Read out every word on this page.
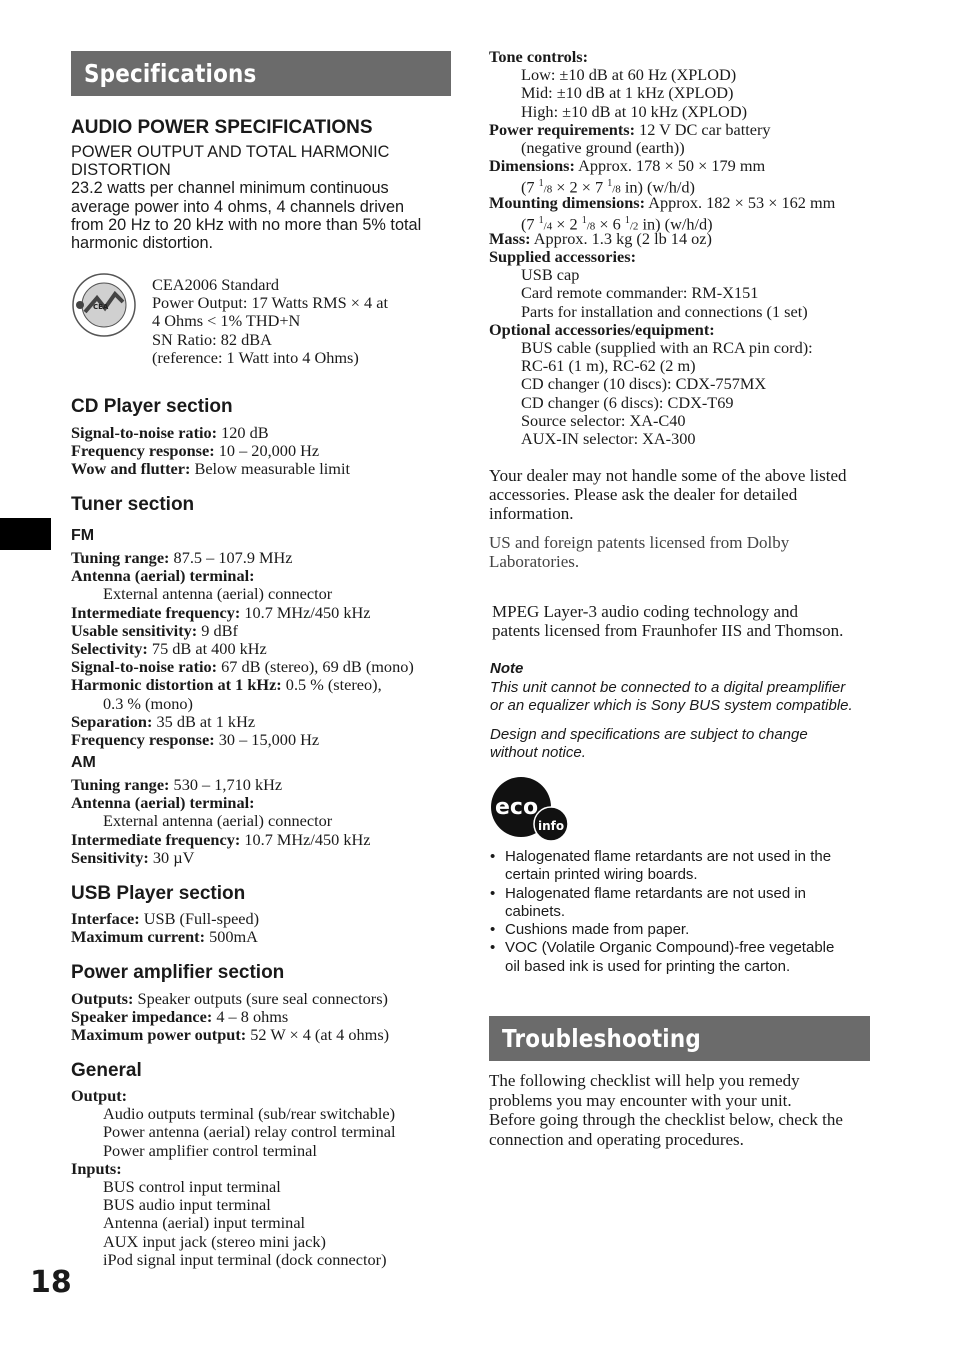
Specifications
AUDIO POWER SPECIFICATIONS
POWER OUTPUT AND TOTAL HARMONIC
DISTORTION
23.2 watts per channel minimum continuous
average power into 4 ohms, 4 channels driven
from 20 Hz to 20 kHz with no more than 5% total
harmonic distortion.
CEA
CEA2006 Standard
Power Output: 17 Watts RMS × 4 at
4 Ohms < 1% THD+N
SN Ratio: 82 dBA
(reference: 1 Watt into 4 Ohms)
CD Player section
Signal-to-noise ratio: 120 dB
Frequency response: 10 – 20,000 Hz
Wow and flutter: Below measurable limit
Tuner section
FM
Tuning range: 87.5 – 107.9 MHz
Antenna (aerial) terminal:
External antenna (aerial) connector
Intermediate frequency: 10.7 MHz/450 kHz
Usable sensitivity: 9 dBf
Selectivity: 75 dB at 400 kHz
Signal-to-noise ratio: 67 dB (stereo), 69 dB (mono)
Harmonic distortion at 1 kHz: 0.5 % (stereo),
0.3 % (mono)
Separation: 35 dB at 1 kHz
Frequency response: 30 – 15,000 Hz
AM
Tuning range: 530 – 1,710 kHz
Antenna (aerial) terminal:
External antenna (aerial) connector
Intermediate frequency: 10.7 MHz/450 kHz
Sensitivity: 30 µV
USB Player section
Interface: USB (Full-speed)
Maximum current: 500mA
Power amplifier section
Outputs: Speaker outputs (sure seal connectors)
Speaker impedance: 4 – 8 ohms
Maximum power output: 52 W × 4 (at 4 ohms)
General
Output:
Audio outputs terminal (sub/rear switchable)
Power antenna (aerial) relay control terminal
Power amplifier control terminal
Inputs:
BUS control input terminal
BUS audio input terminal
Antenna (aerial) input terminal
AUX input jack (stereo mini jack)
iPod signal input terminal (dock connector)
18
Tone controls:
Low: ±10 dB at 60 Hz (XPLOD)
Mid: ±10 dB at 1 kHz (XPLOD)
High: ±10 dB at 10 kHz (XPLOD)
Power requirements: 12 V DC car battery
(negative ground (earth))
Dimensions: Approx. 178 × 50 × 179 mm
(7 $^1$/8 × 2 × 7 $^1$/8 in) (w/h/d)
Mounting dimensions: Approx. 182 × 53 × 162 mm
(7 $^1$/4 × 2 $^1$/8 × 6 $^1$/2 in) (w/h/d)
Mass: Approx. 1.3 kg (2 lb 14 oz)
Supplied accessories:
USB cap
Card remote commander: RM-X151
Parts for installation and connections (1 set)
Optional accessories/equipment:
BUS cable (supplied with an RCA pin cord):
RC-61 (1 m), RC-62 (2 m)
CD changer (10 discs): CDX-757MX
CD changer (6 discs): CDX-T69
Source selector: XA-C40
AUX-IN selector: XA-300
Your dealer may not handle some of the above listed
accessories. Please ask the dealer for detailed
information.
US and foreign patents licensed from Dolby
Laboratories.
MPEG Layer-3 audio coding technology and
patents licensed from Fraunhofer IIS and Thomson.
Note
This unit cannot be connected to a digital preamplifier
or an equalizer which is Sony BUS system compatible.
Design and specifications are subject to change
without notice.
eco
info
• Halogenated flame retardants are not used in the
certain printed wiring boards.
• Halogenated flame retardants are not used in
cabinets.
• Cushions made from paper.
• VOC (Volatile Organic Compound)-free vegetable
oil based ink is used for printing the carton.
Troubleshooting
The following checklist will help you remedy
problems you may encounter with your unit.
Before going through the checklist below, check the
connection and operating procedures.
